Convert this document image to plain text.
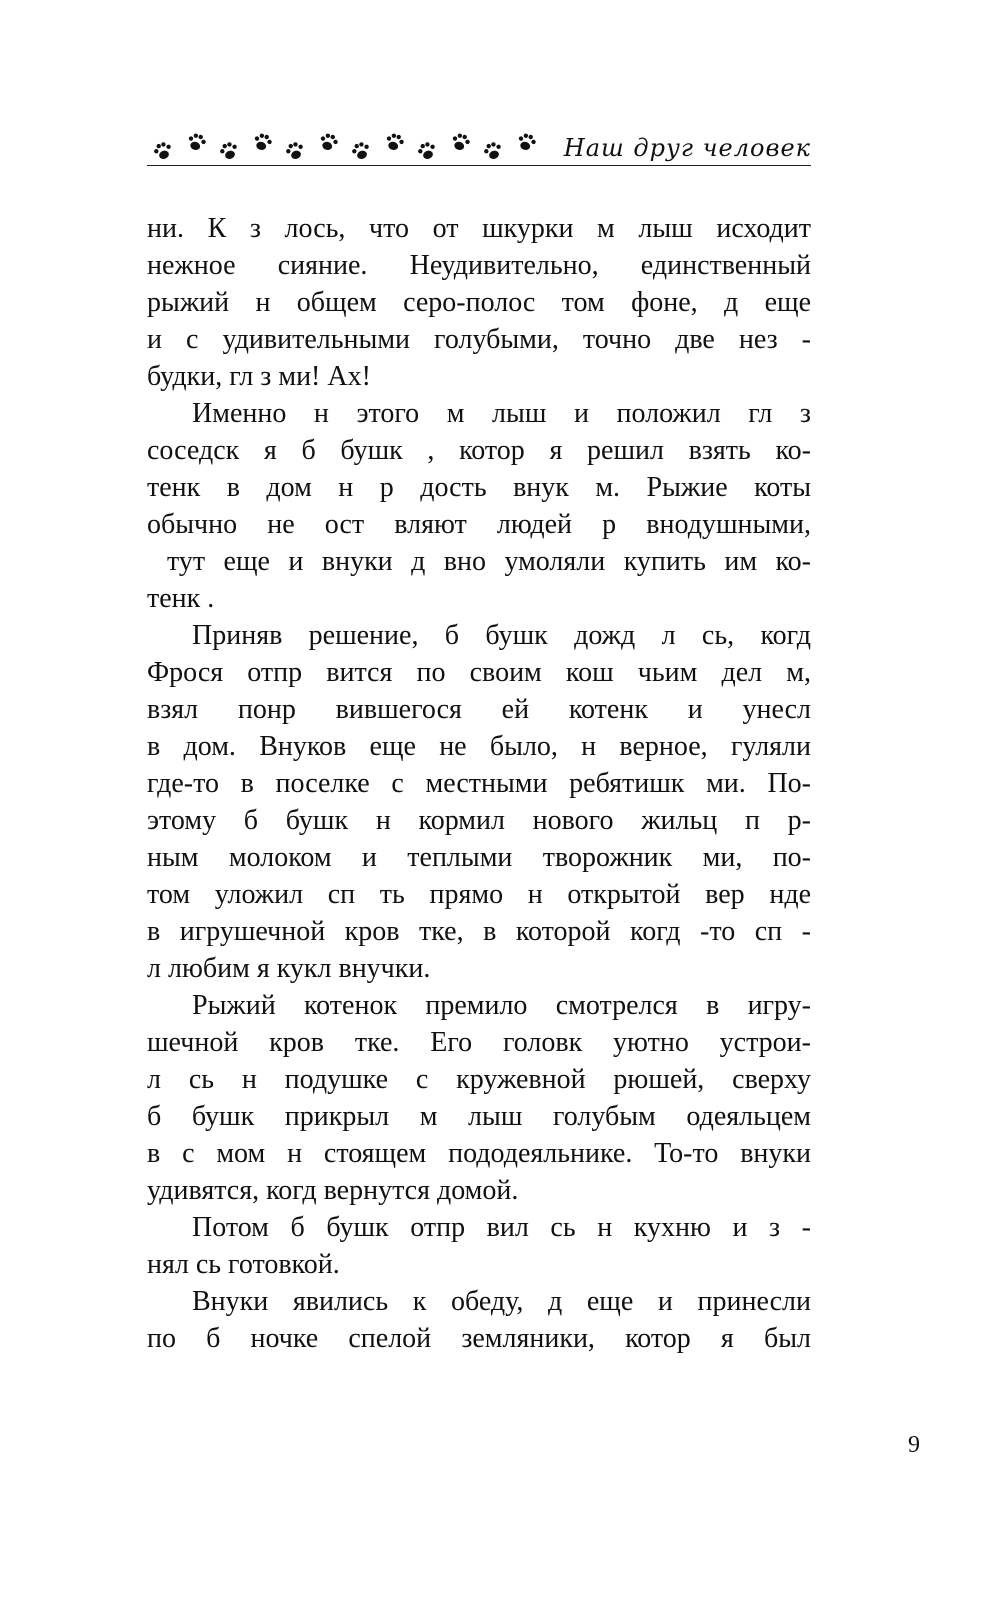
Наш друг человек
ни. К з лось, что от шкурки м лыш исходит
нежное сияние. Неудивительно, единственный
рыжий н общем серо-полос том фоне, д еще
и с удивительными голубыми, точно две нез -
будки, гл з ми! Ах!
Именно н этого м лыш и положил гл з
соседск я б бушк , котор я решил взять ко-
тенк в дом н р дость внук м. Рыжие коты
обычно не ост вляют людей р внодушными,
тут еще и внуки д вно умоляли купить им ко-
тенк .
Приняв решение, б бушк дожд л сь, когд
Фрося отпр вится по своим кош чьим дел м,
взял понр вившегося ей котенк и унесл
в дом. Внуков еще не было, н верное, гуляли
где-то в поселке с местными ребятишк ми. По-
этому б бушк н кормил нового жильц п р-
ным молоком и теплыми творожник ми, по-
том уложил сп ть прямо н открытой вер нде
в игрушечной кров тке, в которой когд -то сп -
л любим я кукл внучки.
Рыжий котенок премило смотрелся в игру-
шечной кров тке. Его головк уютно устрои-
л сь н подушке с кружевной рюшей, сверху
б бушк прикрыл м лыш голубым одеяльцем
в с мом н стоящем пододеяльнике. То-то внуки
удивятся, когд вернутся домой.
Потом б бушк отпр вил сь н кухню и з -
нял сь готовкой.
Внуки явились к обеду, д еще и принесли
по б ночке спелой земляники, котор я был
9
